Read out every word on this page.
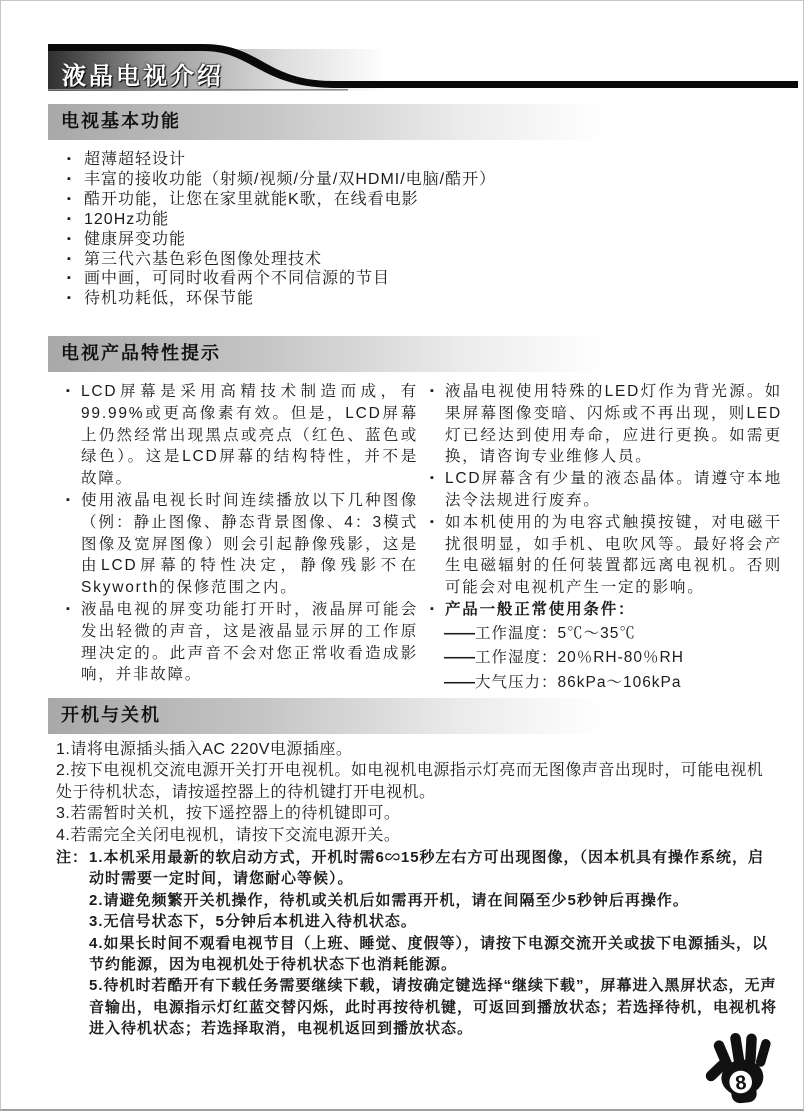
液晶电视介绍
电视基本功能

▪ 超薄超轻设计

▪ 丰富的接收功能（射频/视频/分量/双HDMI/电脑/酷开）

▪ 酷开功能，让您在家里就能K歌，在线看电影

▪ 120Hz功能

▪ 健康屏变功能

▪ 第三代六基色彩色图像处理技术

▪ 画中画，可同时收看两个不同信源的节目

▪ 待机功耗低，环保节能

电视产品特性提示

▪ LCD屏幕是采用高精技术制造而成，有99.99%或更高像素有效。但是，LCD屏幕上仍然经常出现黑点或亮点（红色、蓝色或绿色）。这是LCD屏幕的结构特性，并不是故障。

▪ 使用液晶电视长时间连续播放以下几种图像（例：静止图像、静态背景图像、4：3模式图像及宽屏图像）则会引起静像残影，这是由LCD屏幕的特性决定，静像残影不在Skyworth的保修范围之内。

▪ 液晶电视的屏变功能打开时，液晶屏可能会发出轻微的声音，这是液晶显示屏的工作原理决定的。此声音不会对您正常收看造成影响，并非故障。

▪ 液晶电视使用特殊的LED灯作为背光源。如果屏幕图像变暗、闪烁或不再出现，则LED灯已经达到使用寿命，应进行更换。如需更换，请咨询专业维修人员。

▪ LCD屏幕含有少量的液态晶体。请遵守本地法令法规进行废弃。

▪ 如本机使用的为电容式触摸按键，对电磁干扰很明显，如手机、电吹风等。最好将会产生电磁辐射的任何装置都远离电视机。否则可能会对电视机产生一定的影响。

▪ 产品一般正常使用条件：

——工作温度：5℃～35℃

——工作湿度：20％RH-80％RH

——大气压力：86kPa～106kPa

开机与关机

1.请将电源插头插入AC 220V电源插座。

2.按下电视机交流电源开关打开电视机。如电视机电源指示灯亮而无图像声音出现时，可能电视机处于待机状态，请按遥控器上的待机键打开电视机。

3.若需暂时关机，按下遥控器上的待机键即可。

4.若需完全关闭电视机，请按下交流电源开关。

注： 1.本机采用最新的软启动方式，开机时需6∽15秒左右方可出现图像，（因本机具有操作系统，启动时需要一定时间，请您耐心等候）。

2.请避免频繁开关机操作，待机或关机后如需再开机，请在间隔至少5秒钟后再操作。

3.无信号状态下，5分钟后本机进入待机状态。

4.如果长时间不观看电视节目（上班、睡觉、度假等），请按下电源交流开关或拔下电源插头，以节约能源，因为电视机处于待机状态下也消耗能源。

5.待机时若酷开有下载任务需要继续下载，请按确定键选择“继续下载”，屏幕进入黑屏状态，无声音输出，电源指示灯红蓝交替闪烁，此时再按待机键，可返回到播放状态；若选择待机，电视机将进入待机状态；若选择取消，电视机返回到播放状态。

8
